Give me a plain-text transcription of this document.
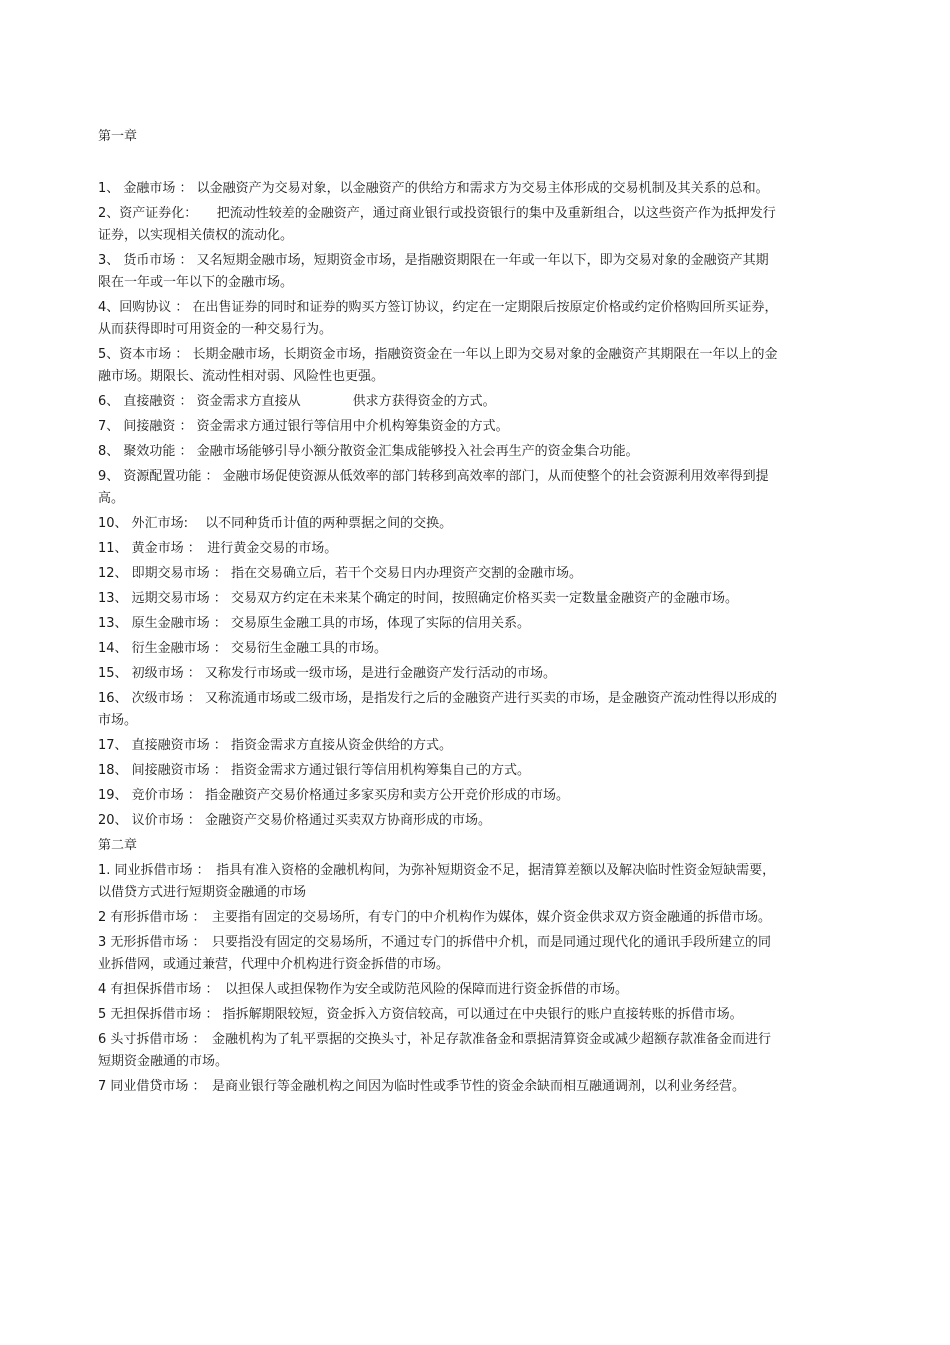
第一章

1、 金融市场 ： 以金融资产为交易对象，以金融资产的供给方和需求方为交易主体形成的交易机制及其关系的总和。

2、资产证券化：　　把流动性较差的金融资产，通过商业银行或投资银行的集中及重新组合，以这些资产作为抵押发行证券，以实现相关债权的流动化。

3、 货币市场 ： 又名短期金融市场，短期资金市场，是指融资期限在一年或一年以下，即为交易对象的金融资产其期限在一年或一年以下的金融市场。

4、回购协议 ： 在出售证券的同时和证券的购买方签订协议，约定在一定期限后按原定价格或约定价格购回所买证券，从而获得即时可用资金的一种交易行为。

5、资本市场 ： 长期金融市场，长期资金市场，指融资资金在一年以上即为交易对象的金融资产其期限在一年以上的金融市场。期限长、流动性相对弱、风险性也更强。

6、 直接融资 ： 资金需求方直接从　　　　供求方获得资金的方式。

7、 间接融资 ： 资金需求方通过银行等信用中介机构筹集资金的方式。

8、 聚效功能 ： 金融市场能够引导小额分散资金汇集成能够投入社会再生产的资金集合功能。

9、 资源配置功能 ： 金融市场促使资源从低效率的部门转移到高效率的部门，从而使整个的社会资源利用效率得到提高。

10、 外汇市场:　 以不同种货币计值的两种票据之间的交换。

11、 黄金市场 ：　进行黄金交易的市场。

12、 即期交易市场 ： 指在交易确立后，若干个交易日内办理资产交割的金融市场。

13、 远期交易市场 ： 交易双方约定在未来某个确定的时间，按照确定价格买卖一定数量金融资产的金融市场。

13、 原生金融市场 ： 交易原生金融工具的市场，体现了实际的信用关系。

14、 衍生金融市场 ： 交易衍生金融工具的市场。

15、 初级市场 ： 又称发行市场或一级市场，是进行金融资产发行活动的市场。

16、 次级市场 ： 又称流通市场或二级市场，是指发行之后的金融资产进行买卖的市场，是金融资产流动性得以形成的市场。

17、 直接融资市场 ： 指资金需求方直接从资金供给的方式。

18、 间接融资市场 ： 指资金需求方通过银行等信用机构筹集自己的方式。

19、 竞价市场 ： 指金融资产交易价格通过多家买房和卖方公开竞价形成的市场。

20、 议价市场 ： 金融资产交易价格通过买卖双方协商形成的市场。

第二章

1. 同业拆借市场 ：　指具有准入资格的金融机构间，为弥补短期资金不足，据清算差额以及解决临时性资金短缺需要，以借贷方式进行短期资金融通的市场

2 有形拆借市场 ：　主要指有固定的交易场所，有专门的中介机构作为媒体，媒介资金供求双方资金融通的拆借市场。

3 无形拆借市场 ：　只要指没有固定的交易场所，不通过专门的拆借中介机，而是同通过现代化的通讯手段所建立的同业拆借网，或通过兼营，代理中介机构进行资金拆借的市场。

4 有担保拆借市场 ：　以担保人或担保物作为安全或防范风险的保障而进行资金拆借的市场。

5 无担保拆借市场 ： 指拆解期限较短，资金拆入方资信较高，可以通过在中央银行的账户直接转账的拆借市场。

6 头寸拆借市场 ：　金融机构为了轧平票据的交换头寸，补足存款准备金和票据清算资金或减少超额存款准备金而进行短期资金融通的市场。

7 同业借贷市场 ：　是商业银行等金融机构之间因为临时性或季节性的资金余缺而相互融通调剂，以利业务经营。
